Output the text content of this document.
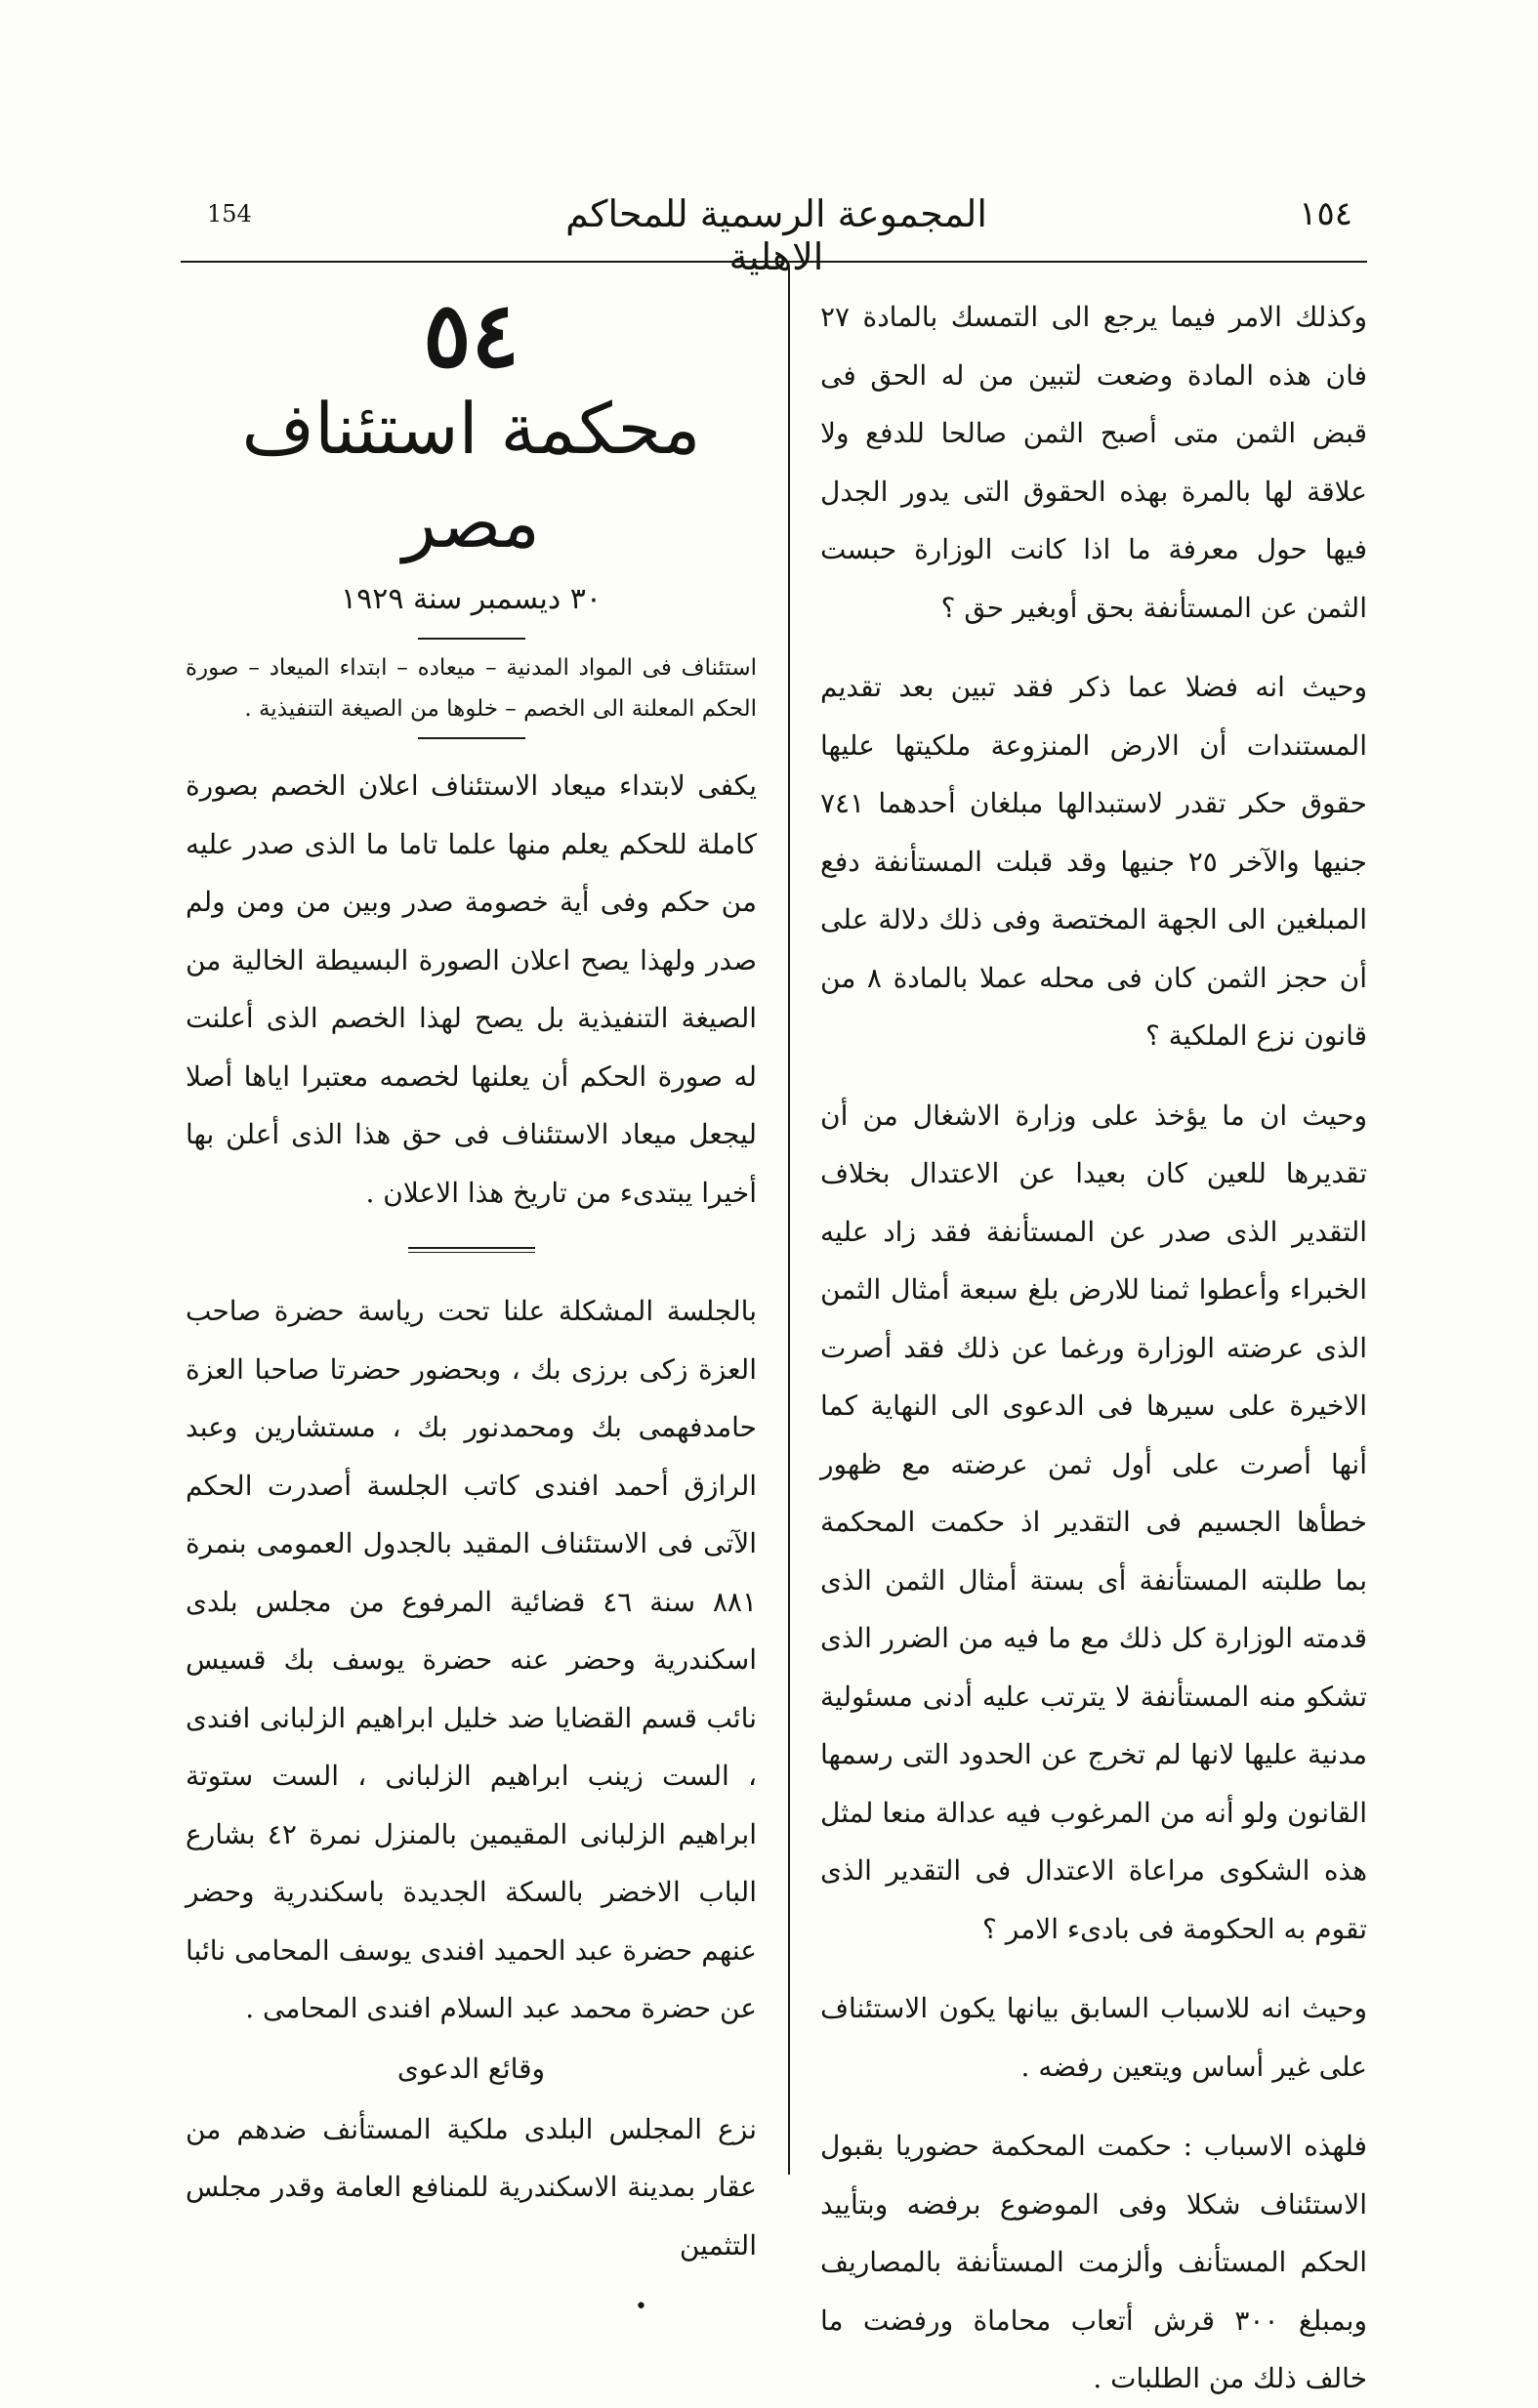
154	المجموعة الرسمية للمحاكم الاهلية
١٥٤

وكذلك الامر فيما يرجع الى التمسك بالمادة ٢٧ فان هذه المادة وضعت لتبين من له الحق فى قبض الثمن متى أصبح الثمن صالحا للدفع ولا علاقة لها بالمرة بهذه الحقوق التى يدور الجدل فيها حول معرفة ما اذا كانت الوزارة حبست الثمن عن المستأنفة بحق أوبغير حق ؟

وحيث انه فضلا عما ذكر فقد تبين بعد تقديم المستندات أن الارض المنزوعة ملكيتها عليها حقوق حكر تقدر لاستبدالها مبلغان أحدهما ٧٤١ جنيها والآخر ٢٥ جنيها وقد قبلت المستأنفة دفع المبلغين الى الجهة المختصة وفى ذلك دلالة على أن حجز الثمن كان فى محله عملا بالمادة ٨ من قانون نزع الملكية ؟

وحيث ان ما يؤخذ على وزارة الاشغال من أن تقديرها للعين كان بعيدا عن الاعتدال بخلاف التقدير الذى صدر عن المستأنفة فقد زاد عليه الخبراء وأعطوا ثمنا للارض بلغ سبعة أمثال الثمن الذى عرضته الوزارة ورغما عن ذلك فقد أصرت الاخيرة على سيرها فى الدعوى الى النهاية كما أنها أصرت على أول ثمن عرضته مع ظهور خطأها الجسيم فى التقدير اذ حكمت المحكمة بما طلبته المستأنفة أى بستة أمثال الثمن الذى قدمته الوزارة كل ذلك مع ما فيه من الضرر الذى تشكو منه المستأنفة لا يترتب عليه أدنى مسئولية مدنية عليها لانها لم تخرج عن الحدود التى رسمها القانون ولو أنه من المرغوب فيه عدالة منعا لمثل هذه الشكوى مراعاة الاعتدال فى التقدير الذى تقوم به الحكومة فى بادىء الامر ؟

وحيث انه للاسباب السابق بيانها يكون الاستئناف على غير أساس ويتعين رفضه .

فلهذه الاسباب : حكمت المحكمة حضوريا بقبول الاستئناف شكلا وفى الموضوع برفضه وبتأييد الحكم المستأنف وألزمت المستأنفة بالمصاريف وبمبلغ ٣٠٠ قرش أتعاب محاماة ورفضت ما خالف ذلك من الطلبات .

٥٤

محكمة استئناف مصر

٣٠ ديسمبر سنة ١٩٢٩

استئناف فى المواد المدنية – ميعاده – ابتداء الميعاد – صورة الحكم المعلنة الى الخصم – خلوها من الصيغة التنفيذية .

يكفى لابتداء ميعاد الاستئناف اعلان الخصم بصورة كاملة للحكم يعلم منها علما تاما ما الذى صدر عليه من حكم وفى أية خصومة صدر وبين من ومن ولم صدر ولهذا يصح اعلان الصورة البسيطة الخالية من الصيغة التنفيذية بل يصح لهذا الخصم الذى أعلنت له صورة الحكم أن يعلنها لخصمه معتبرا اياها أصلا ليجعل ميعاد الاستئناف فى حق هذا الذى أعلن بها أخيرا يبتدىء من تاريخ هذا الاعلان .

بالجلسة المشكلة علنا تحت رياسة حضرة صاحب العزة زكى برزى بك ، وبحضور حضرتا صاحبا العزة حامدفهمى بك ومحمدنور بك ، مستشارين وعبد الرازق أحمد افندى كاتب الجلسة أصدرت الحكم الآتى فى الاستئناف المقيد بالجدول العمومى بنمرة ٨٨١ سنة ٤٦ قضائية المرفوع من مجلس بلدى اسكندرية وحضر عنه حضرة يوسف بك قسيس نائب قسم القضايا ضد خليل ابراهيم الزلبانى افندى ، الست زينب ابراهيم الزلبانى ، الست ستوتة ابراهيم الزلبانى المقيمين بالمنزل نمرة ٤٢ بشارع الباب الاخضر بالسكة الجديدة باسكندرية وحضر عنهم حضرة عبد الحميد افندى يوسف المحامى نائبا عن حضرة محمد عبد السلام افندى المحامى .

وقائع الدعوى

نزع المجلس البلدى ملكية المستأنف ضدهم من عقار بمدينة الاسكندرية للمنافع العامة وقدر مجلس التثمين

•
